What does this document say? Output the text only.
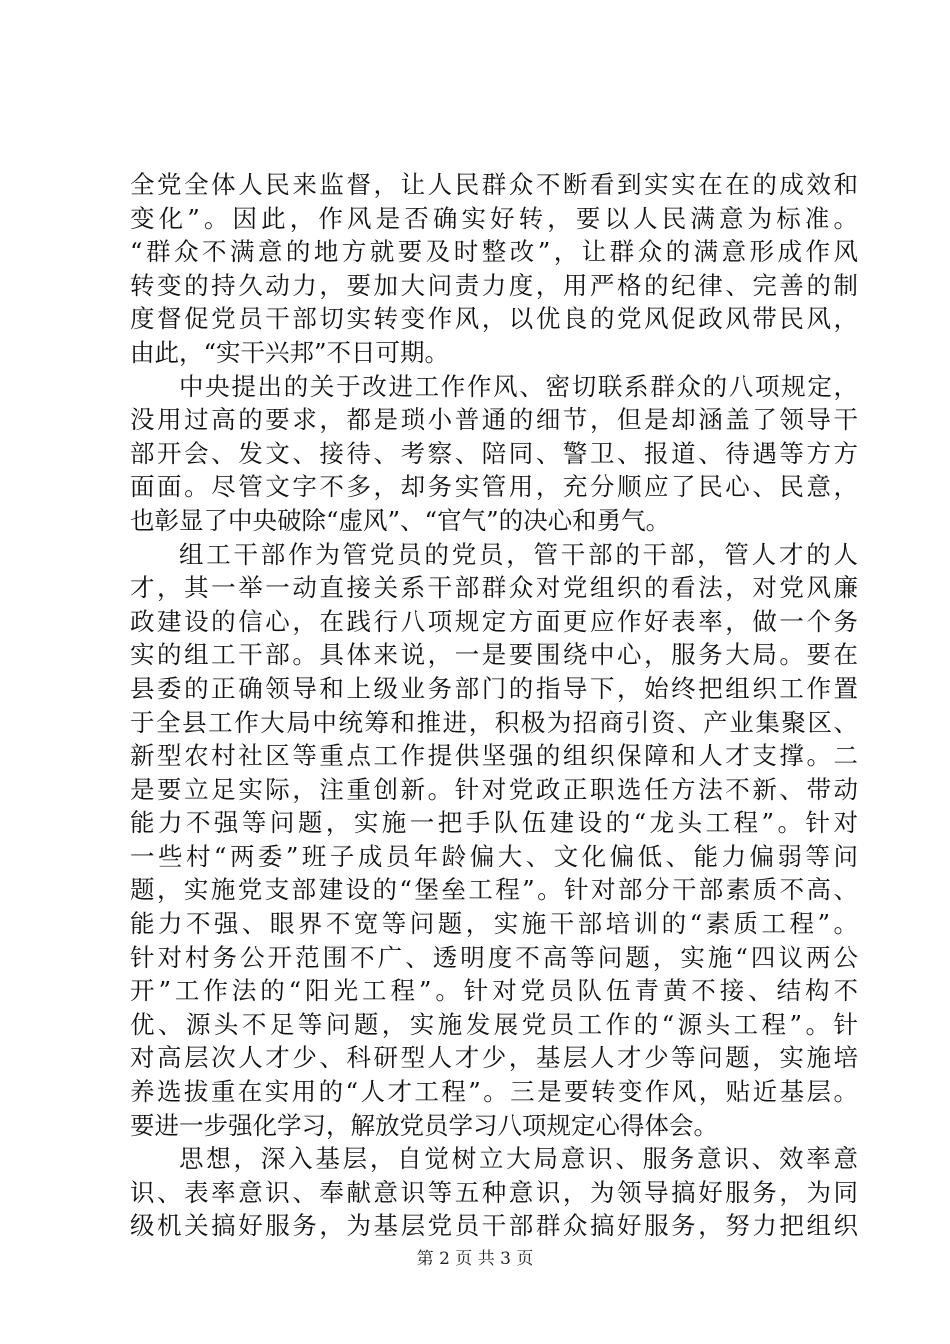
全党全体人民来监督，让人民群众不断看到实实在在的成效和
变化”。因此，作风是否确实好转，要以人民满意为标准。
“群众不满意的地方就要及时整改”，让群众的满意形成作风
转变的持久动力，要加大问责力度，用严格的纪律、完善的制
度督促党员干部切实转变作风，以优良的党风促政风带民风，
由此，“实干兴邦”不日可期。
中央提出的关于改进工作作风、密切联系群众的八项规定，
没用过高的要求，都是琐小普通的细节，但是却涵盖了领导干
部开会、发文、接待、考察、陪同、警卫、报道、待遇等方方
面面。尽管文字不多，却务实管用，充分顺应了民心、民意，
也彰显了中央破除“虚风”、“官气”的决心和勇气。
组工干部作为管党员的党员，管干部的干部，管人才的人
才，其一举一动直接关系干部群众对党组织的看法，对党风廉
政建设的信心，在践行八项规定方面更应作好表率，做一个务
实的组工干部。具体来说，一是要围绕中心，服务大局。要在
县委的正确领导和上级业务部门的指导下，始终把组织工作置
于全县工作大局中统筹和推进，积极为招商引资、产业集聚区、
新型农村社区等重点工作提供坚强的组织保障和人才支撑。二
是要立足实际，注重创新。针对党政正职选任方法不新、带动
能力不强等问题，实施一把手队伍建设的“龙头工程”。针对
一些村“两委”班子成员年龄偏大、文化偏低、能力偏弱等问
题，实施党支部建设的“堡垒工程”。针对部分干部素质不高、
能力不强、眼界不宽等问题，实施干部培训的“素质工程”。
针对村务公开范围不广、透明度不高等问题，实施“四议两公
开”工作法的“阳光工程”。针对党员队伍青黄不接、结构不
优、源头不足等问题，实施发展党员工作的“源头工程”。针
对高层次人才少、科研型人才少，基层人才少等问题，实施培
养选拔重在实用的“人才工程”。三是要转变作风，贴近基层。
要进一步强化学习，解放党员学习八项规定心得体会。
思想，深入基层，自觉树立大局意识、服务意识、效率意
识、表率意识、奉献意识等五种意识，为领导搞好服务，为同
级机关搞好服务，为基层党员干部群众搞好服务，努力把组织
第 2 页 共 3 页
